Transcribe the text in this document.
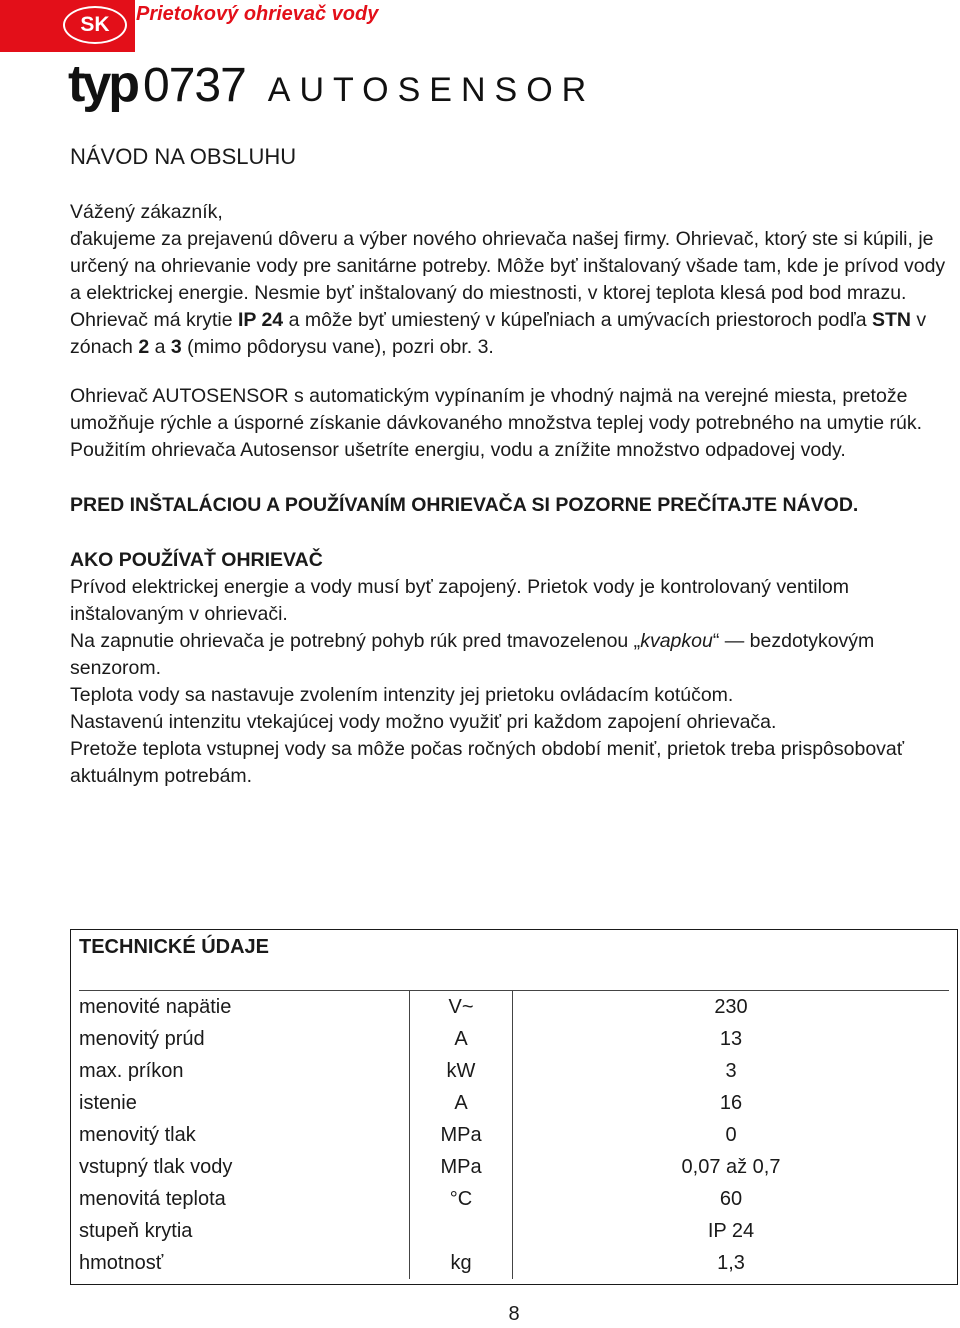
SK	Prietokový ohrievač vody
typ 0737 AUTOSENSOR
NÁVOD NA OBSLUHU

Vážený zákazník,

ďakujeme za prejavenú dôveru a výber nového ohrievača našej firmy. Ohrievač, ktorý ste si kúpili, je určený na ohrievanie vody pre sanitárne potreby. Môže byť inštalovaný všade tam, kde je prívod vody a elektrickej energie. Nesmie byť inštalovaný do miestnosti, v ktorej teplota klesá pod bod mrazu.

Ohrievač má krytie IP 24 a môže byť umiestený v kúpeľniach a umývacích priestoroch podľa STN v zónach 2 a 3 (mimo pôdorysu vane), pozri obr. 3.

Ohrievač AUTOSENSOR s automatickým vypínaním je vhodný najmä na verejné miesta, pretože umožňuje rýchle a úsporné získanie dávkovaného množstva teplej vody potrebného na umytie rúk.

Použitím ohrievača Autosensor ušetríte energiu, vodu a znížite množstvo odpadovej vody.

PRED INŠTALÁCIOU A POUŽÍVANÍM OHRIEVAČA SI POZORNE PREČÍTAJTE NÁVOD.

AKO POUŽÍVAŤ OHRIEVAČ

Prívod elektrickej energie a vody musí byť zapojený. Prietok vody je kontrolovaný ventilom inštalovaným v ohrievači.

Na zapnutie ohrievača je potrebný pohyb rúk pred tmavozelenou „kvapkou“ — bezdotykovým senzorom.

Teplota vody sa nastavuje zvolením intenzity jej prietoku ovládacím kotúčom.

Nastavenú intenzitu vtekajúcej vody možno využiť pri každom zapojení ohrievača.

Pretože teplota vstupnej vody sa môže počas ročných období meniť, prietok treba prispôsobovať aktuálnym potrebám.

TECHNICKÉ ÚDAJE
menovité napätie	V~	230
menovitý prúd	A	13
max. príkon	kW	3
istenie	A	16
menovitý tlak	MPa	0
vstupný tlak vody	MPa	0,07 až 0,7
menovitá teplota	°C	60
stupeň krytia		IP 24
hmotnosť	kg	1,3
8
